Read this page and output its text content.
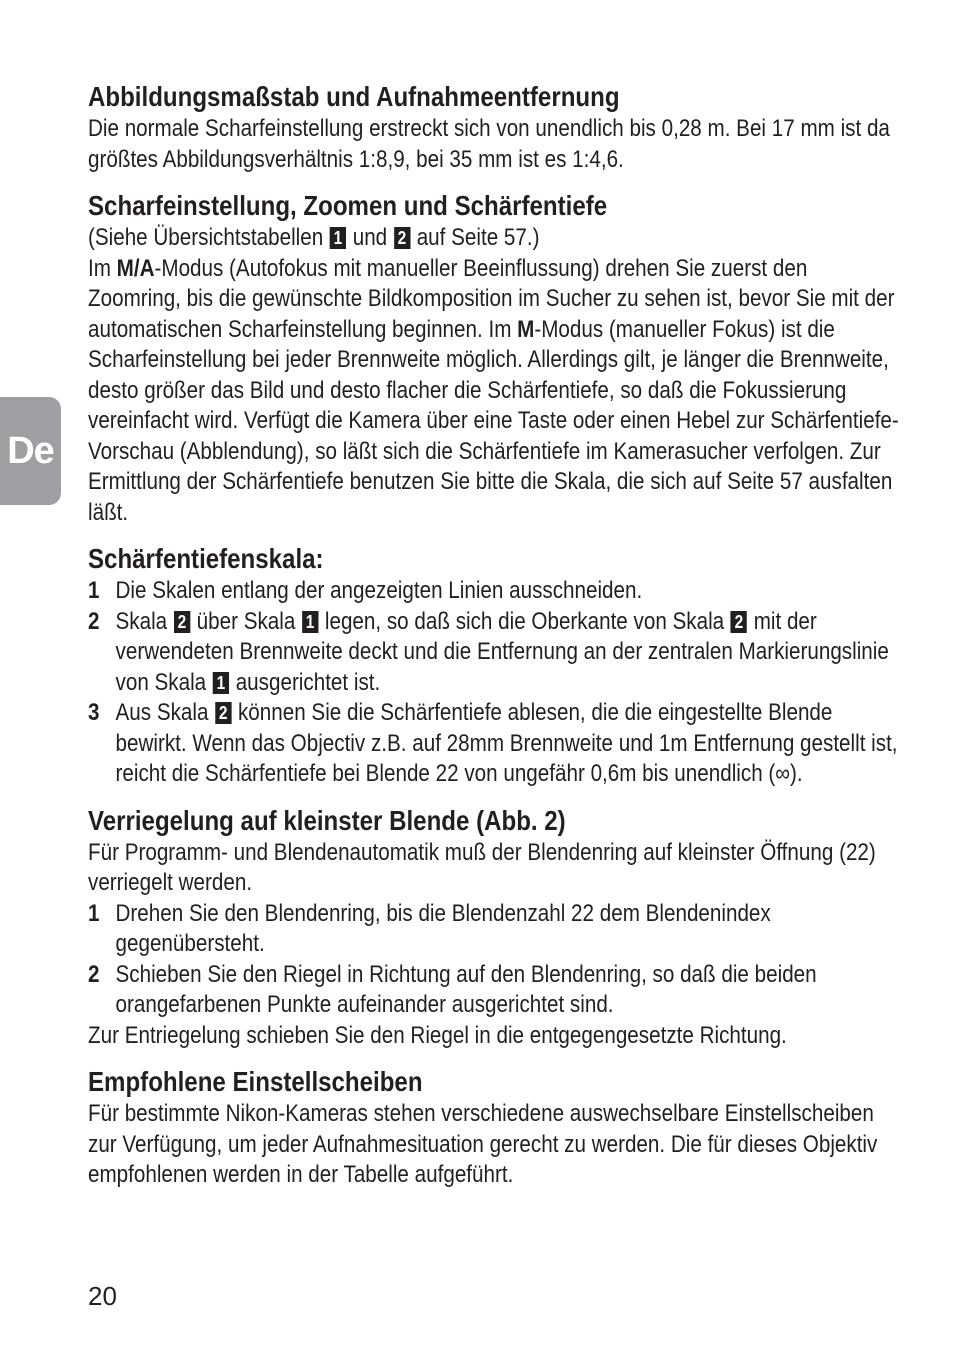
De
Abbildungsmaßstab und Aufnahmeentfernung

Die normale Scharfeinstellung erstreckt sich von unendlich bis 0,28 m. Bei 17 mm ist da größtes Abbildungsverhältnis 1:8,9, bei 35 mm ist es 1:4,6.

Scharfeinstellung, Zoomen und Schärfentiefe

(Siehe Übersichtstabellen 1 und 2 auf Seite 57.)

Im M/A-Modus (Autofokus mit manueller Beeinflussung) drehen Sie zuerst den Zoomring, bis die gewünschte Bildkomposition im Sucher zu sehen ist, bevor Sie mit der automatischen Scharfeinstellung beginnen. Im M-Modus (manueller Fokus) ist die Scharfeinstellung bei jeder Brennweite möglich. Allerdings gilt, je länger die Brennweite, desto größer das Bild und desto flacher die Schärfentiefe, so daß die Fokussierung vereinfacht wird. Verfügt die Kamera über eine Taste oder einen Hebel zur Schärfentiefe-Vorschau (Abblendung), so läßt sich die Schärfentiefe im Kamerasucher verfolgen. Zur Ermittlung der Schärfentiefe benutzen Sie bitte die Skala, die sich auf Seite 57 ausfalten läßt.

Schärfentiefenskala:
1 Die Skalen entlang der angezeigten Linien ausschneiden.
2 Skala 2 über Skala 1 legen, so daß sich die Oberkante von Skala 2 mit der verwendeten Brennweite deckt und die Entfernung an der zentralen Markierungslinie von Skala 1 ausgerichtet ist.
3 Aus Skala 2 können Sie die Schärfentiefe ablesen, die die eingestellte Blende bewirkt. Wenn das Objectiv z.B. auf 28mm Brennweite und 1m Entfernung gestellt ist, reicht die Schärfentiefe bei Blende 22 von ungefähr 0,6m bis unendlich (∞).
Verriegelung auf kleinster Blende (Abb. 2)

Für Programm- und Blendenautomatik muß der Blendenring auf kleinster Öffnung (22) verriegelt werden.

1 Drehen Sie den Blendenring, bis die Blendenzahl 22 dem Blendenindex gegenübersteht.
2 Schieben Sie den Riegel in Richtung auf den Blendenring, so daß die beiden orangefarbenen Punkte aufeinander ausgerichtet sind.

Zur Entriegelung schieben Sie den Riegel in die entgegengesetzte Richtung.

Empfohlene Einstellscheiben

Für bestimmte Nikon-Kameras stehen verschiedene auswechselbare Einstellscheiben zur Verfügung, um jeder Aufnahmesituation gerecht zu werden. Die für dieses Objektiv empfohlenen werden in der Tabelle aufgeführt.

20
